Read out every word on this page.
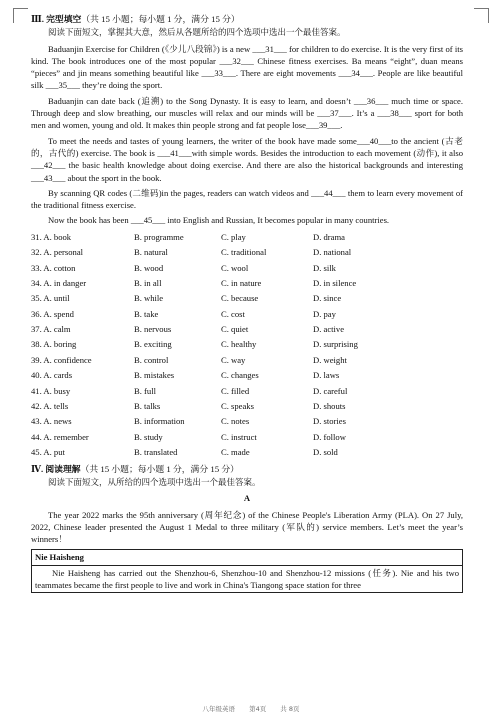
Ⅲ. 完型填空（共 15 小题；每小题 1 分，满分 15 分）
阅读下面短文，掌握其大意，然后从各题所给的四个选项中选出一个最佳答案。

Baduanjin Exercise for Children (《少儿八段锦》) is a new ___31___ for children to do exercise. It is the very first of its kind. The book introduces one of the most popular ___32___ Chinese fitness exercises. Ba means “eight”, duan means “pieces” and jin means something beautiful like ___33___. There are eight movements ___34___. People are like beautiful silk ___35___ they’re doing the sport.

Baduanjin can date back (追溯) to the Song Dynasty. It is easy to learn, and doesn’t ___36___ much time or space. Through deep and slow breathing, our muscles will relax and our minds will be ___37___. It’s a ___38___ sport for both men and women, young and old. It makes thin people strong and fat people lose___39___.

To meet the needs and tastes of young learners, the writer of the book have made some___40___to the ancient (古老的，古代的) exercise. The book is ___41___with simple words. Besides the introduction to each movement (动作), it also ___42___ the basic health knowledge about doing exercise. And there are also the historical backgrounds and interesting ___43___ about the sport in the book.

By scanning QR codes (二维码)in the pages, readers can watch videos and ___44___ them to learn every movement of the traditional fitness exercise.

Now the book has been ___45___ into English and Russian, It becomes popular in many countries.

31. A. book	B. programme	C. play	D. drama
32. A. personal	B. natural	C. traditional	D. national
33. A. cotton	B. wood	C. wool	D. silk
34. A. in danger	B. in all	C. in nature	D. in silence
35. A. until	B. while	C. because	D. since
36. A. spend	B. take	C. cost	D. pay
37. A. calm	B. nervous	C. quiet	D. active
38. A. boring	B. exciting	C. healthy	D. surprising
39. A. confidence	B. control	C. way	D. weight
40. A. cards	B. mistakes	C. changes	D. laws
41. A. busy	B. full	C. filled	D. careful
42. A. tells	B. talks	C. speaks	D. shouts
43. A. news	B. information	C. notes	D. stories
44. A. remember	B. study	C. instruct	D. follow
45. A. put	B. translated	C. made	D. sold
Ⅳ. 阅读理解（共 15 小题；每小题 1 分，满分 15 分）
阅读下面短文，从所给的四个选项中选出一个最佳答案。
A

The year 2022 marks the 95th anniversary (周年纪念) of the Chinese People's Liberation Army (PLA). On 27 July, 2022, Chinese leader presented the August 1 Medal to three military (军队的) service members. Let’s meet the year’s winners！

Nie Haisheng
Nie Haisheng has carried out the Shenzhou-6, Shenzhou-10 and Shenzhou-12 missions (任务). Nie and his two teammates became the first people to live and work in China's Tiangong space station for three
八年级英语 第4页 共 8页
